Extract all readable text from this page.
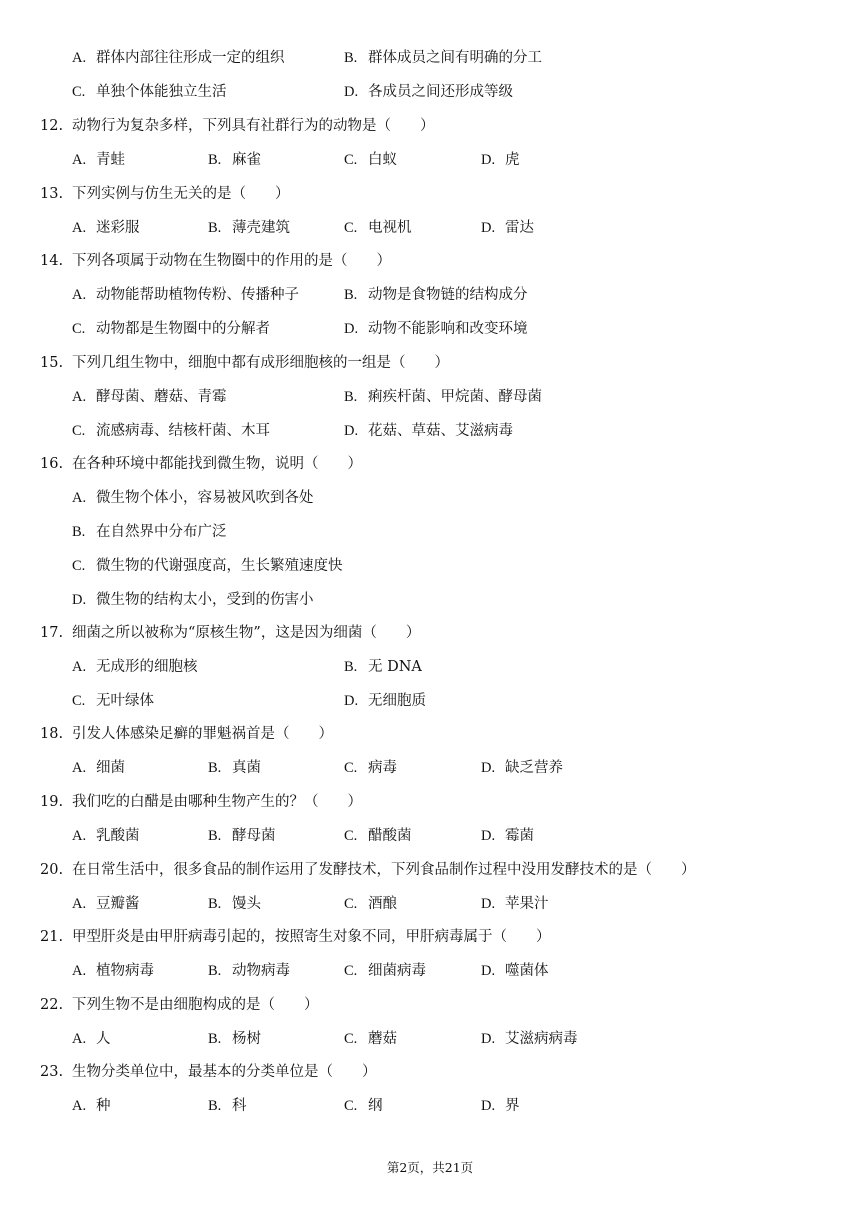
A. 群体内部往往形成一定的组织	B. 群体成员之间有明确的分工
C. 单独个体能独立生活	D. 各成员之间还形成等级
12. 动物行为复杂多样，下列具有社群行为的动物是（　　）
A. 青蛙	B. 麻雀	C. 白蚁	D. 虎
13. 下列实例与仿生无关的是（　　）
A. 迷彩服	B. 薄壳建筑	C. 电视机	D. 雷达
14. 下列各项属于动物在生物圈中的作用的是（　　）
A. 动物能帮助植物传粉、传播种子	B. 动物是食物链的结构成分
C. 动物都是生物圈中的分解者	D. 动物不能影响和改变环境
15. 下列几组生物中，细胞中都有成形细胞核的一组是（　　）
A. 酵母菌、蘑菇、青霉	B. 痢疾杆菌、甲烷菌、酵母菌
C. 流感病毒、结核杆菌、木耳	D. 花菇、草菇、艾滋病毒
16. 在各种环境中都能找到微生物，说明（　　）
A. 微生物个体小，容易被风吹到各处
B. 在自然界中分布广泛
C. 微生物的代谢强度高，生长繁殖速度快
D. 微生物的结构太小，受到的伤害小
17. 细菌之所以被称为“原核生物”，这是因为细菌（　　）
A. 无成形的细胞核	B. 无 DNA
C. 无叶绿体	D. 无细胞质
18. 引发人体感染足癣的罪魁祸首是（　　）
A. 细菌	B. 真菌	C. 病毒	D. 缺乏营养
19. 我们吃的白醋是由哪种生物产生的？（　　）
A. 乳酸菌	B. 酵母菌	C. 醋酸菌	D. 霉菌
20. 在日常生活中，很多食品的制作运用了发酵技术，下列食品制作过程中没用发酵技术的是（　　）
A. 豆瓣酱	B. 馒头	C. 酒酿	D. 苹果汁
21. 甲型肝炎是由甲肝病毒引起的，按照寄生对象不同，甲肝病毒属于（　　）
A. 植物病毒	B. 动物病毒	C. 细菌病毒	D. 噬菌体
22. 下列生物不是由细胞构成的是（　　）
A. 人	B. 杨树	C. 蘑菇	D. 艾滋病病毒
23. 生物分类单位中，最基本的分类单位是（　　）
A. 种	B. 科	C. 纲	D. 界
第2页，共21页
